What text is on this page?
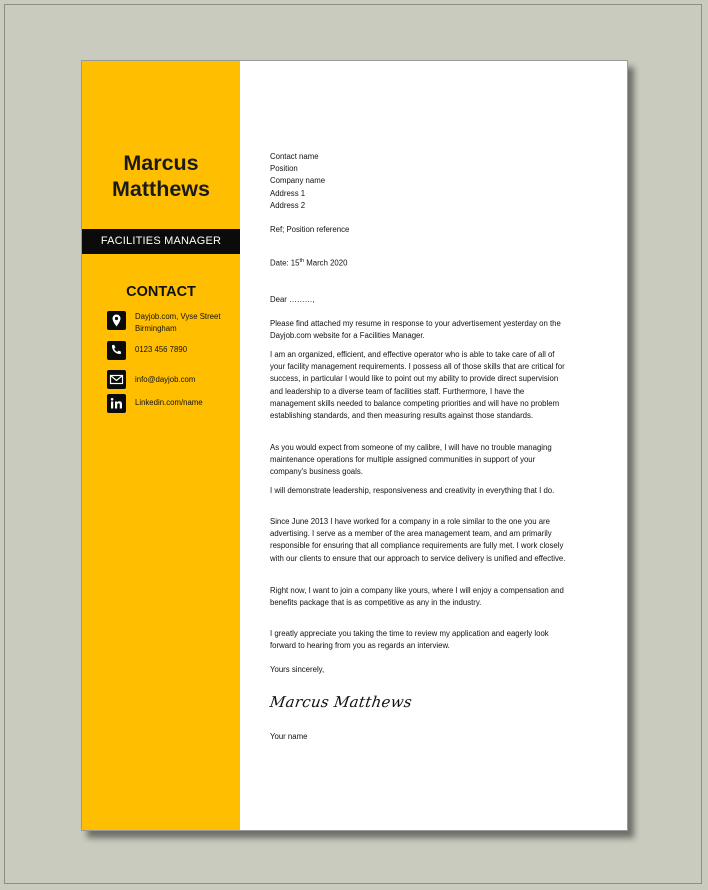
Marcus
Matthews
FACILITIES MANAGER
CONTACT
Dayjob.com, Vyse Street
Birmingham
0123 456 7890
info@dayjob.com
Linkedin.com/name
Contact name
Position
Company name
Address 1
Address 2

Ref; Position reference

Date: 15th March 2020

Dear ………,

Please find attached my resume in response to your advertisement yesterday on the Dayjob.com website for a Facilities Manager.

I am an organized, efficient, and effective operator who is able to take care of all of your facility management requirements. I possess all of those skills that are critical for success, in particular I would like to point out my ability to provide direct supervision and leadership to a diverse team of facilities staff. Furthermore, I have the management skills needed to balance competing priorities and will have no problem establishing standards, and then measuring results against those standards.

As you would expect from someone of my calibre, I will have no trouble managing maintenance operations for multiple assigned communities in support of your company's business goals.

I will demonstrate leadership, responsiveness and creativity in everything that I do.

Since June 2013 I have worked for a company in a role similar to the one you are advertising. I serve as a member of the area management team, and am primarily responsible for ensuring that all compliance requirements are fully met. I work closely with our clients to ensure that our approach to service delivery is unified and effective.

Right now, I want to join a company like yours, where I will enjoy a compensation and benefits package that is as competitive as any in the industry.

I greatly appreciate you taking the time to review my application and eagerly look forward to hearing from you as regards an interview.

Yours sincerely,

Your name

Marcus Matthews
